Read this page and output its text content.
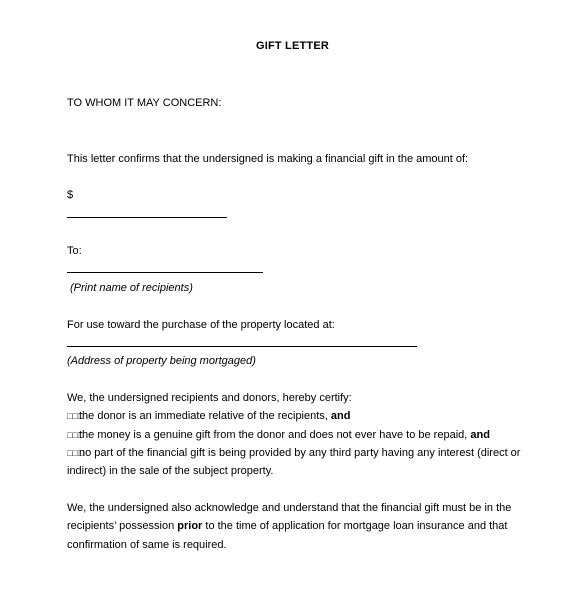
GIFT LETTER
TO WHOM IT MAY CONCERN:
This letter confirms that the undersigned is making a financial gift in the amount of:
$
To:
(Print name of recipients)
For use toward the purchase of the property located at:
(Address of property being mortgaged)
We, the undersigned recipients and donors, hereby certify:
□□□the donor is an immediate relative of the recipients, and
□□□the money is a genuine gift from the donor and does not ever have to be repaid, and
□□□no part of the financial gift is being provided by any third party having any interest (direct or
indirect) in the sale of the subject property.
We, the undersigned also acknowledge and understand that the financial gift must be in the
recipients’ possession prior to the time of application for mortgage loan insurance and that
confirmation of same is required.
